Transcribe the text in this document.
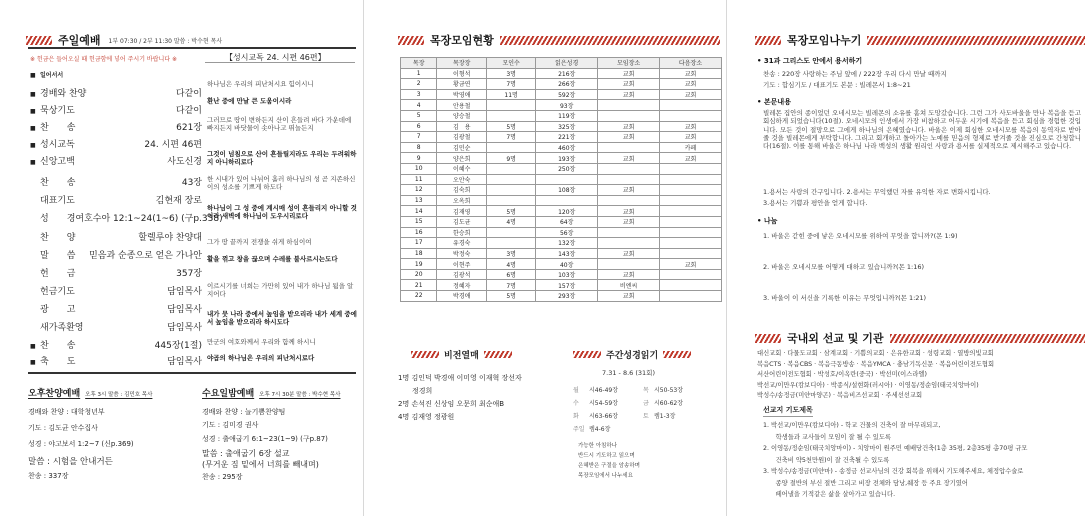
주일예배 1부 07:30 / 2부 11:30 말씀 : 박수현 목사
※ 헌금은 들어오실 때 헌금함에 넣어 주시기 바랍니다 ※	【성시교독 24. 시편 46편】
■ 일어서서
■ 경배와 찬양	다같이
■ 묵상기도	다같이
■ 찬　　송	621장
■ 성시교독	24. 시편 46편
■ 신앙고백	사도신경
찬　　송	43장
대표기도	김현재 장로
성　　경 여호수아 12:1~24(1~6) (구p.338)
찬　　양	할렐루야 찬양대
말　　씀 믿음과 순종으로 얻은 가나안
헌　　금	357장
헌금기도	담임목사
광　　고	담임목사
새가족환영	담임목사
■ 찬　　송	445장(1절)
■ 축　　도	담임목사
하나님은 우리의 피난처시요 힘이시니
환난 중에 만날 큰 도움이시라
그러므로 땅이 변하든지 산이 흔들려 바다 가운데에 빠지든지 바닷물이 솟아나고 뛰놀든지
그것이 넘침으로 산이 흔들릴지라도 우리는 두려워하지 아니하리로다
한 시내가 있어 나뉘어 흘러 하나님의 성 곧 지존하신 이의 성소를 기쁘게 하도다
하나님이 그 성 중에 계시매 성이 흔들리지 아니할 것이라 새벽에 하나님이 도우시리로다
그가 땅 끝까지 전쟁을 쉬게 하심이여
활을 꺾고 창을 끊으며 수레를 불사르시는도다
이르시기를 너희는 가만히 있어 내가 하나님 됨을 알지어다
내가 뭇 나라 중에서 높임을 받으리라 내가 세계 중에서 높임을 받으리라 하시도다
만군의 여호와께서 우리와 함께 하시니
야곱의 하나님은 우리의 피난처시로다
오후찬양예배 오후 3시 말씀 : 김민호 목사
경배와 찬양 : 대학청년부
기도 : 김도균 안수집사
성경 : 야고보서 1:2~7 (신p.369)
말씀 : 시험을 안내거든
찬송 : 337장
수요일밤예배 오후 7시 30분 말씀 : 박수현 목사
경배와 찬양 : 늘기쁨찬양팀
기도 : 김미경 권사
성경 : 출애굽기 6:1~23(1~9) (구p.87)
말씀 : 출애굽기 6장 설교
(무거운 짐 밑에서 너희를 빼내며)
찬송 : 295장
목장모임현황
목장	목장장	모인수	읽은성경	모임장소	다음장소
1	이형석	3명	216장	교회	교회
2	황금연	7명	266장	교회	교회
3	박영애	11명	592장	교회	교회
4	안용철		93장		
5	양승철		119장		
6	김　용	5명	325장	교회	교회
7	김광철	7명	221장	교회	교회
8	김민순		460장		카페
9	양은희	9명	193장	교회	교회
10	이혜수		250장		
11	오안숙				
12	김숙희		108장	교회	
13	오옥희				
14	김재영	5명	120장	교회	
15	김도균	4명	64장	교회	
16	한승희		56장		
17	유경숙		132장		
18	박정숙	3명	143장	교회	
19	이현주	4명	40장		교회
20	김광석	6명	103장	교회	
21	정혜자	7명	157장	비엔씨	
22	박경애	5명	293장	교회	
비전열매
1명 김인덕 박경애 이미영 이재혁 장선자
　　정경희
2명 손석진 신상임 오문희 최순애B
4명 김재영 정광원
주간성경읽기
7.31 - 8.6 (31회)
월 시46-49장	목 시50-53장
수 시54-59장	금 시60-62장
화 시63-66장	토 렘1-3장
주일 렘4-6장
가능한 아침하나
반드시 기도하고 읽으며
은혜받은 구절을 암송하며
목장모임에서 나누세요
목장모임나누기
• 31과 그리스도 안에서 용서하기
찬송 : 220장 사랑하는 주님 앞에 / 222장 우리 다시 만날 때까지
기도 : 합심기도 / 대표기도 본문 : 빌레몬서 1:8~21
• 본문내용
빌레몬 집안의 종이었던 오네시모는 빌레몬의 소유를 훔쳐 도망갔습니다. 그런 그가 사도바울을 만나 복음을 듣고 회심하게 되었습니다(10절). 오네시모의 인생에서 가장 비참하고 어두운 시기에 복음을 듣고 회심을 경험한 것입니다. 모든 것이 절망으로 그에게 하나님의 은혜였습니다. 바울은 이제 회심한 오네시모를 복음의 동역자로 받아줄 것을 빌레몬에게 부탁합니다. 그리고 회개하고 돌아가는 노예를 믿음의 형제로 받겨줄 것을 진심으로 간청합니다(16절). 이를 통해 바울은 하나님 나라 백성의 생활 원리인 사랑과 용서를 실제적으로 제시해주고 있습니다.
1.용서는 사랑의 간구입니다. 2.용서는 무익했던 자를 유익한 자로 변화시킵니다.
3.용서는 기쁨과 평안을 얻게 합니다.
• 나눔
1. 바울은 갇힌 중에 낳은 오네시모를 위하여 무엇을 합니까?(몬 1:9)
2. 바울은 오네시모를 어떻게 대하고 있습니까?(몬 1:16)
3. 바울이 이 서신을 기록한 이유는 무엇입니까?(몬 1:21)
국내외 선교 및 기관
대신교회 · 다물도교회 · 삼계교회 · 기쁨의교회 · 은유한교회 · 성령교회 · 열방의빛교회
복음CTS · 복음CBS · 복음극동방송 · 복음YMCA · 충남기독신문 · 복음어린이전도협회
서산어린이전도협회 · 박성호/이옥란(중국) · 박선미(이스라엘)
박선교/이만우(캄보디아) · 박종식/설현화(러시아) · 이영동/정순임(태국치앙마이)
박성수/송정금(미얀마양곤) · 복음비즈선교회 · 주세선선교회
선교지 기도제목
1. 박선교/이만우(캄보디아) - 학교 건물의 건축이 잘 마무리되고,
　　학생들과 교사들이 모임이 잘 될 수 있도록
2. 이영동/정순임(태국치앙마이) - 치앙마이 원주민 예배당건축(1층 35평, 2층35평 총70평 규모
　　건축비 약5천만원)이 잘 건축될 수 있도록
3. 박성수/송정금(미얀마) - 송정금 선교사님의 건강 회복을 위해서 기도해주세요, 체정압수술로
　　종양 절반의 부신 절반 그리고 비장 전체와 담낭,췌장 등 주요 장기였어
　　떼어낼을 기적같은 삶을 살아가고 있습니다.
